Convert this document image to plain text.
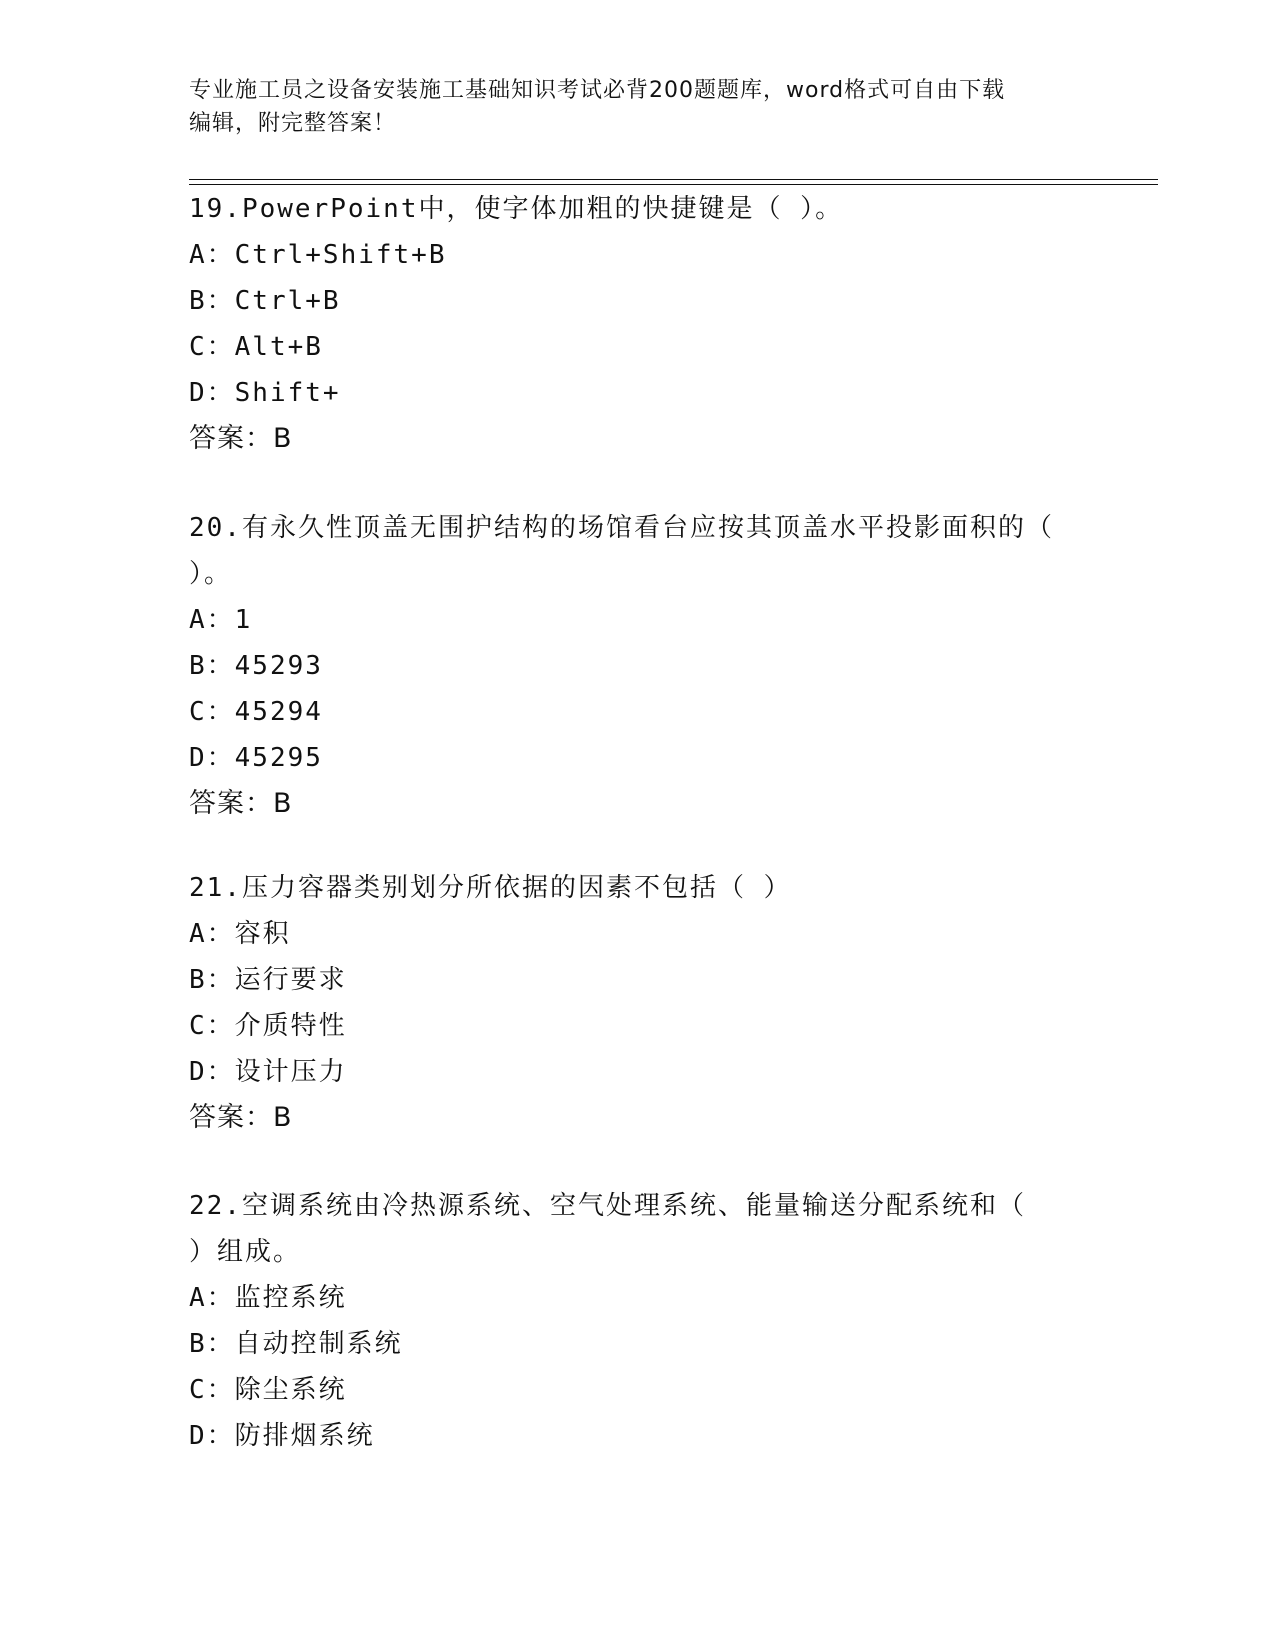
专业施工员之设备安装施工基础知识考试必背200题题库，word格式可自由下载
编辑，附完整答案！
19.PowerPoint中，使字体加粗的快捷键是（ ）。
A：Ctrl+Shift+B
B：Ctrl+B
C：Alt+B
D：Shift+
答案：B
20.有永久性顶盖无围护结构的场馆看台应按其顶盖水平投影面积的（
）。
A：1
B：45293
C：45294
D：45295
答案：B
21.压力容器类别划分所依据的因素不包括（ ）
A：容积
B：运行要求
C：介质特性
D：设计压力
答案：B
22.空调系统由冷热源系统、空气处理系统、能量输送分配系统和（
）组成。
A：监控系统
B：自动控制系统
C：除尘系统
D：防排烟系统
